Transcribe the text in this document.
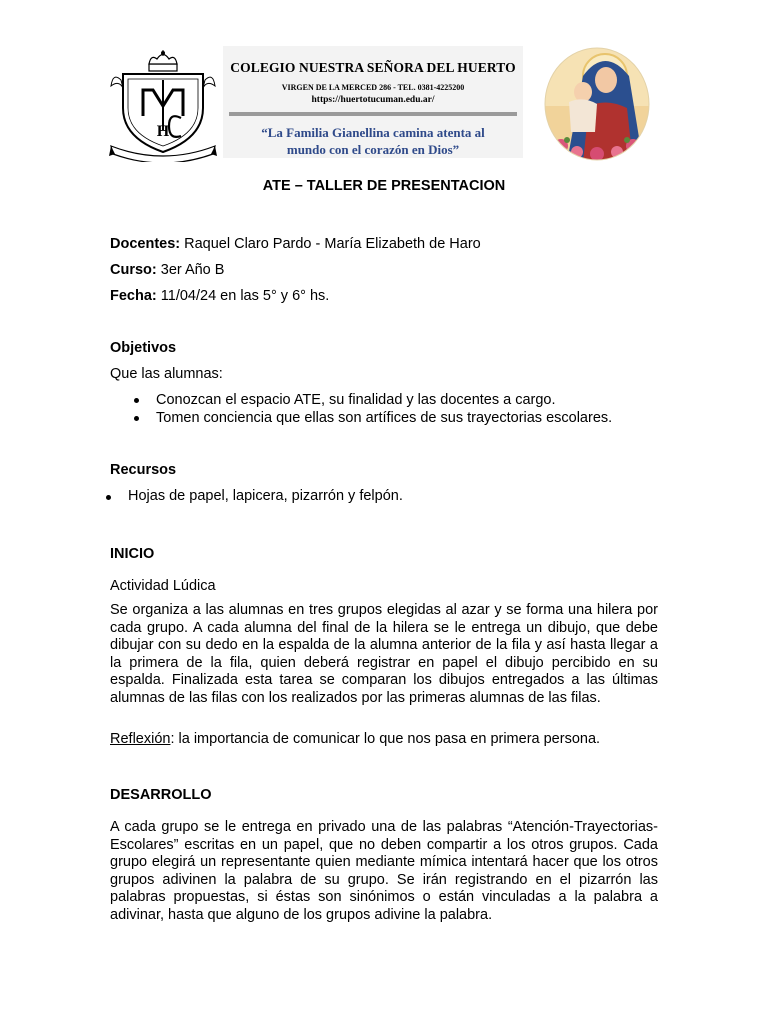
H
COLEGIO NUESTRA SEÑORA DEL HUERTO
VIRGEN DE LA MERCED 286 - TEL. 0381-4225200
https://huertotucuman.edu.ar/
“La Familia Gianellina camina atenta al
mundo con el corazón en Dios”
ATE – TALLER DE PRESENTACION
Docentes: Raquel Claro Pardo - María Elizabeth de Haro
Curso: 3er Año B
Fecha: 11/04/24 en las 5° y 6° hs.
Objetivos
Que las alumnas:
Conozcan el espacio ATE, su finalidad y las docentes a cargo.
Tomen conciencia que ellas son artífices de sus trayectorias escolares.
Recursos
Hojas de papel, lapicera, pizarrón y felpón.
INICIO
Actividad Lúdica
Se organiza a las alumnas en tres grupos elegidas al azar y se forma una hilera por cada grupo. A cada alumna del final de la hilera se le entrega un dibujo, que debe dibujar con su dedo en la espalda de la alumna anterior de la fila y así hasta llegar a la primera de la fila, quien deberá registrar en papel el dibujo percibido en su espalda. Finalizada esta tarea se comparan los dibujos entregados a las últimas alumnas de las filas con los realizados por las primeras alumnas de las filas.
Reflexión: la importancia de comunicar lo que nos pasa en primera persona.
DESARROLLO
A cada grupo se le entrega en privado una de las palabras “Atención-Trayectorias-Escolares” escritas en un papel, que no deben compartir a los otros grupos. Cada grupo elegirá un representante quien mediante mímica intentará hacer que los otros grupos adivinen la palabra de su grupo. Se irán registrando en el pizarrón las palabras propuestas, si éstas son sinónimos o están vinculadas a la palabra a adivinar, hasta que alguno de los grupos adivine la palabra.
